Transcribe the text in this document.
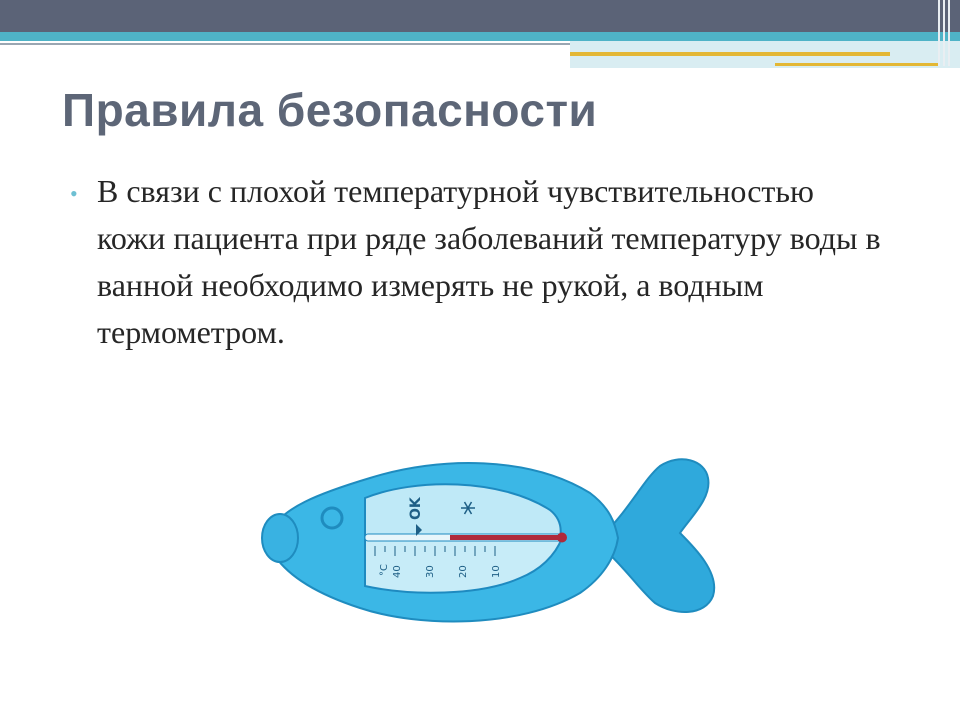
Правила безопасности
• В связи с плохой температурной чувствительностью кожи пациента при ряде заболеваний температуру воды в ванной необходимо измерять не рукой, а водным термометром.
°C 40 30 20 10
OK
